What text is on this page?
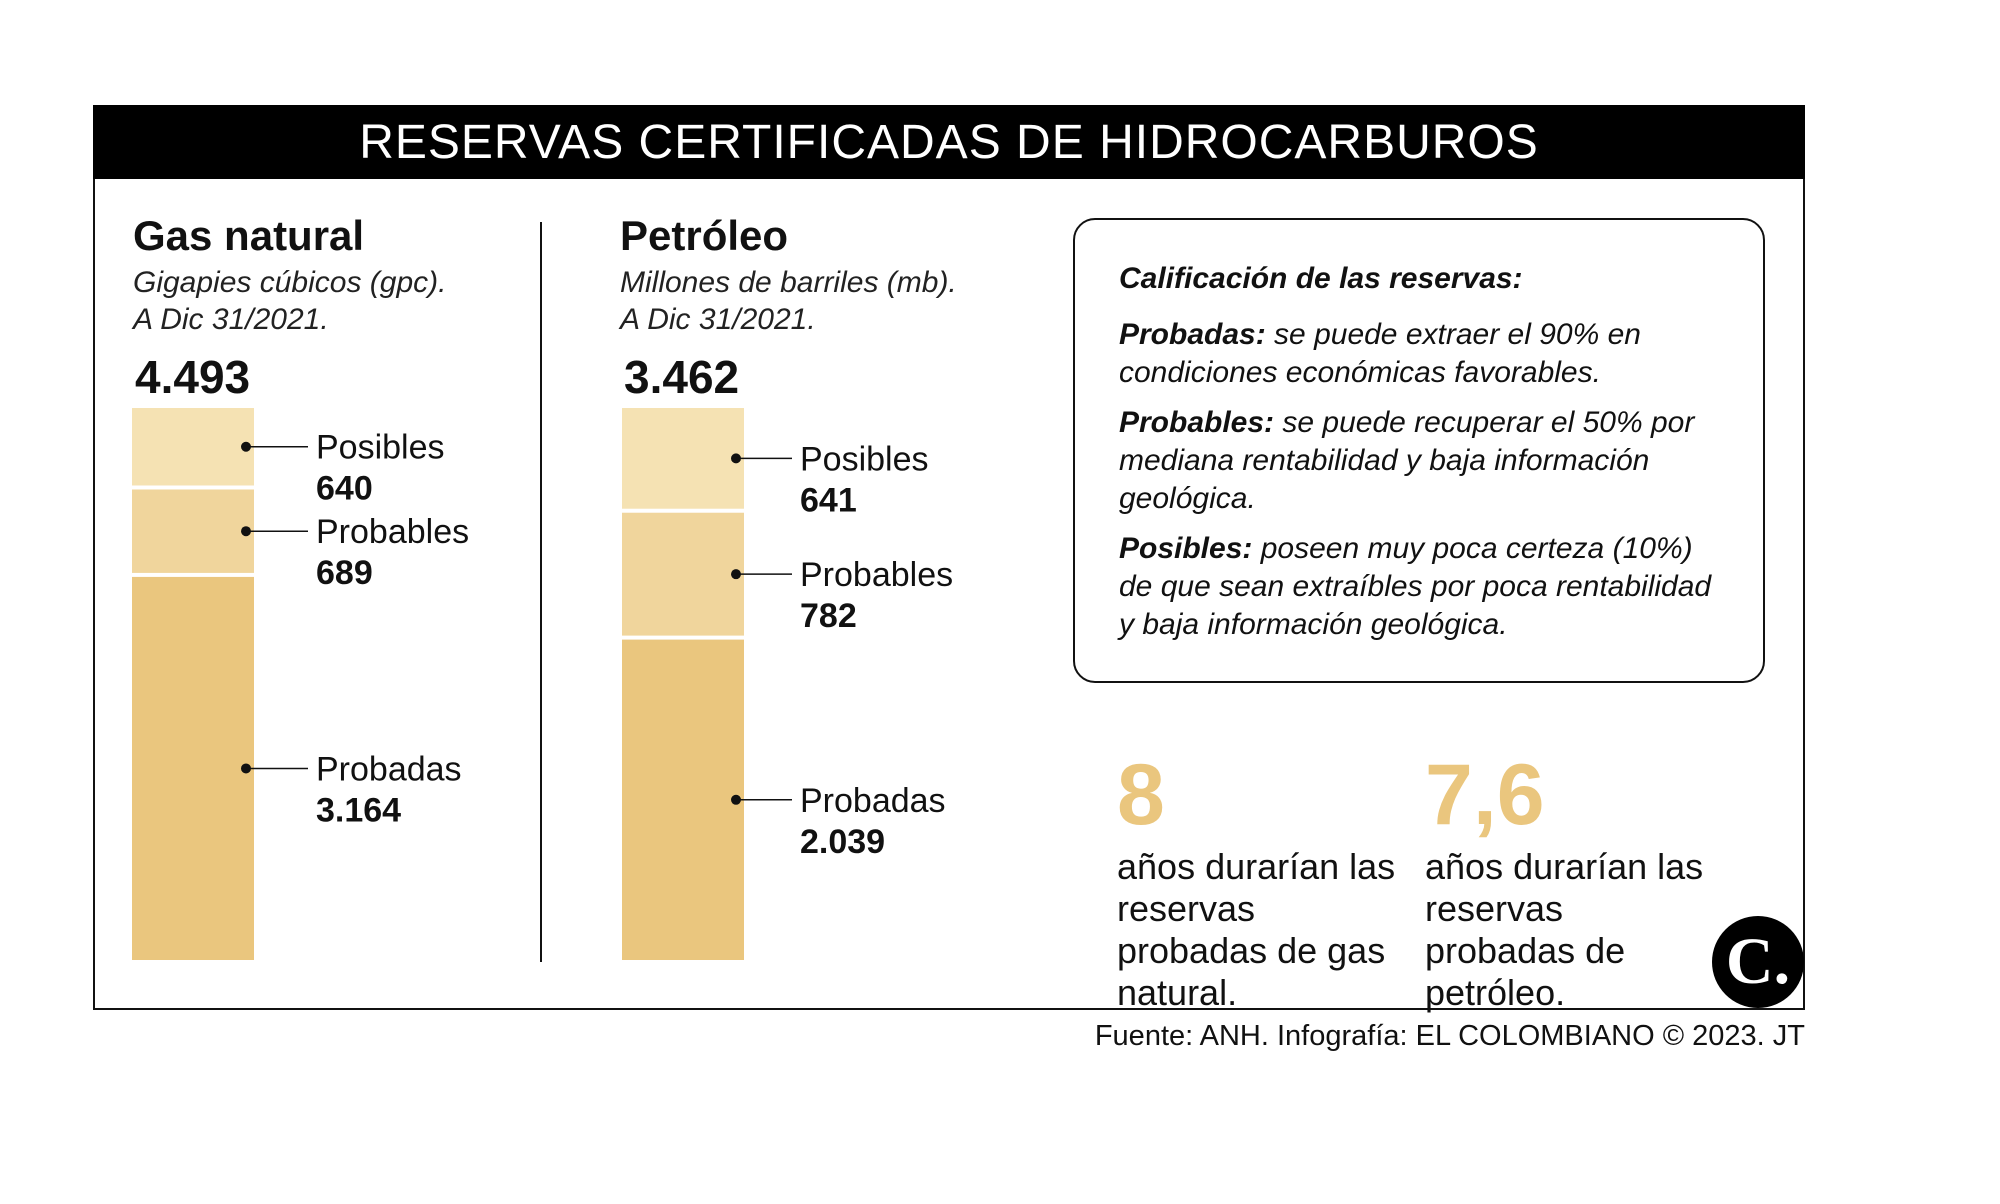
RESERVAS CERTIFICADAS DE HIDROCARBUROS
Gas natural
Gigapies cúbicos (gpc).
A Dic 31/2021.
4.493
Petróleo
Millones de barriles (mb).
A Dic 31/2021.
3.462
Posibles
640
Probables
689
Probadas
3.164
Posibles
641
Probables
782
Probadas
2.039
Calificación de las reservas:
Probadas: se puede extraer el 90% en condiciones económicas favorables.
Probables: se puede recuperar el 50% por mediana rentabilidad y baja información geológica.
Posibles: poseen muy poca certeza (10%) de que sean extraíbles por poca rentabilidad y baja información geológica.
8
años durarían las reservas probadas de gas natural.
7,6
años durarían las reservas probadas de petróleo.	C.
Fuente: ANH. Infografía: EL COLOMBIANO © 2023. JT
